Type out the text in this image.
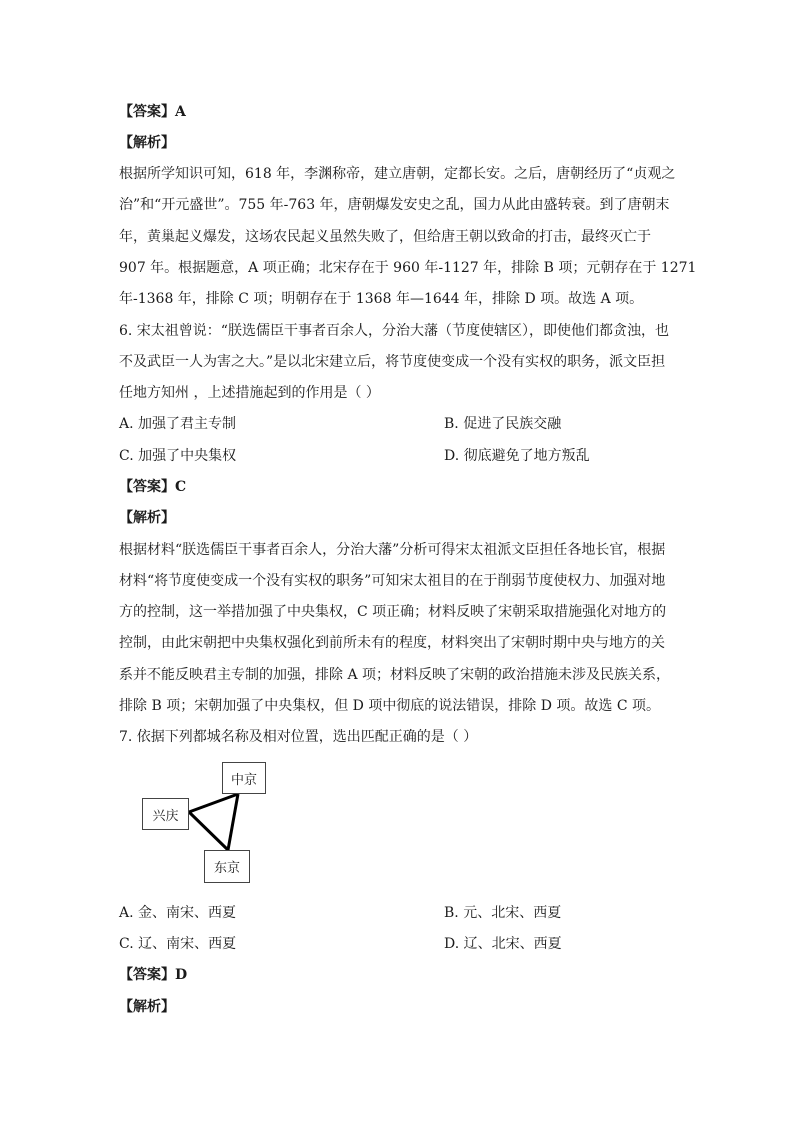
【答案】A
【解析】
根据所学知识可知，618 年，李渊称帝，建立唐朝，定都长安。之后，唐朝经历了“贞观之
治”和“开元盛世”。755 年-763 年，唐朝爆发安史之乱，国力从此由盛转衰。到了唐朝末
年，黄巢起义爆发，这场农民起义虽然失败了，但给唐王朝以致命的打击，最终灭亡于
907 年。根据题意，A 项正确；北宋存在于 960 年-1127 年，排除 B 项；元朝存在于 1271
年-1368 年，排除 C 项；明朝存在于 1368 年—1644 年，排除 D 项。故选 A 项。
6. 宋太祖曾说：“朕选儒臣干事者百余人，分治大藩（节度使辖区），即使他们都贪浊，也
不及武臣一人为害之大。”是以北宋建立后，将节度使变成一个没有实权的职务，派文臣担
任地方知州 ，上述措施起到的作用是（ ）
A. 加强了君主专制	B. 促进了民族交融
C. 加强了中央集权	D. 彻底避免了地方叛乱
【答案】C
【解析】
根据材料“朕选儒臣干事者百余人，分治大藩”分析可得宋太祖派文臣担任各地长官，根据
材料“将节度使变成一个没有实权的职务”可知宋太祖目的在于削弱节度使权力、加强对地
方的控制，这一举措加强了中央集权，C 项正确；材料反映了宋朝采取措施强化对地方的
控制，由此宋朝把中央集权强化到前所未有的程度，材料突出了宋朝时期中央与地方的关
系并不能反映君主专制的加强，排除 A 项；材料反映了宋朝的政治措施未涉及民族关系，
排除 B 项；宋朝加强了中央集权，但 D 项中彻底的说法错误，排除 D 项。故选 C 项。
7. 依据下列都城名称及相对位置，选出匹配正确的是（ ）
中京
兴庆
东京
A. 金、南宋、西夏	B. 元、北宋、西夏
C. 辽、南宋、西夏	D. 辽、北宋、西夏
【答案】D
【解析】
